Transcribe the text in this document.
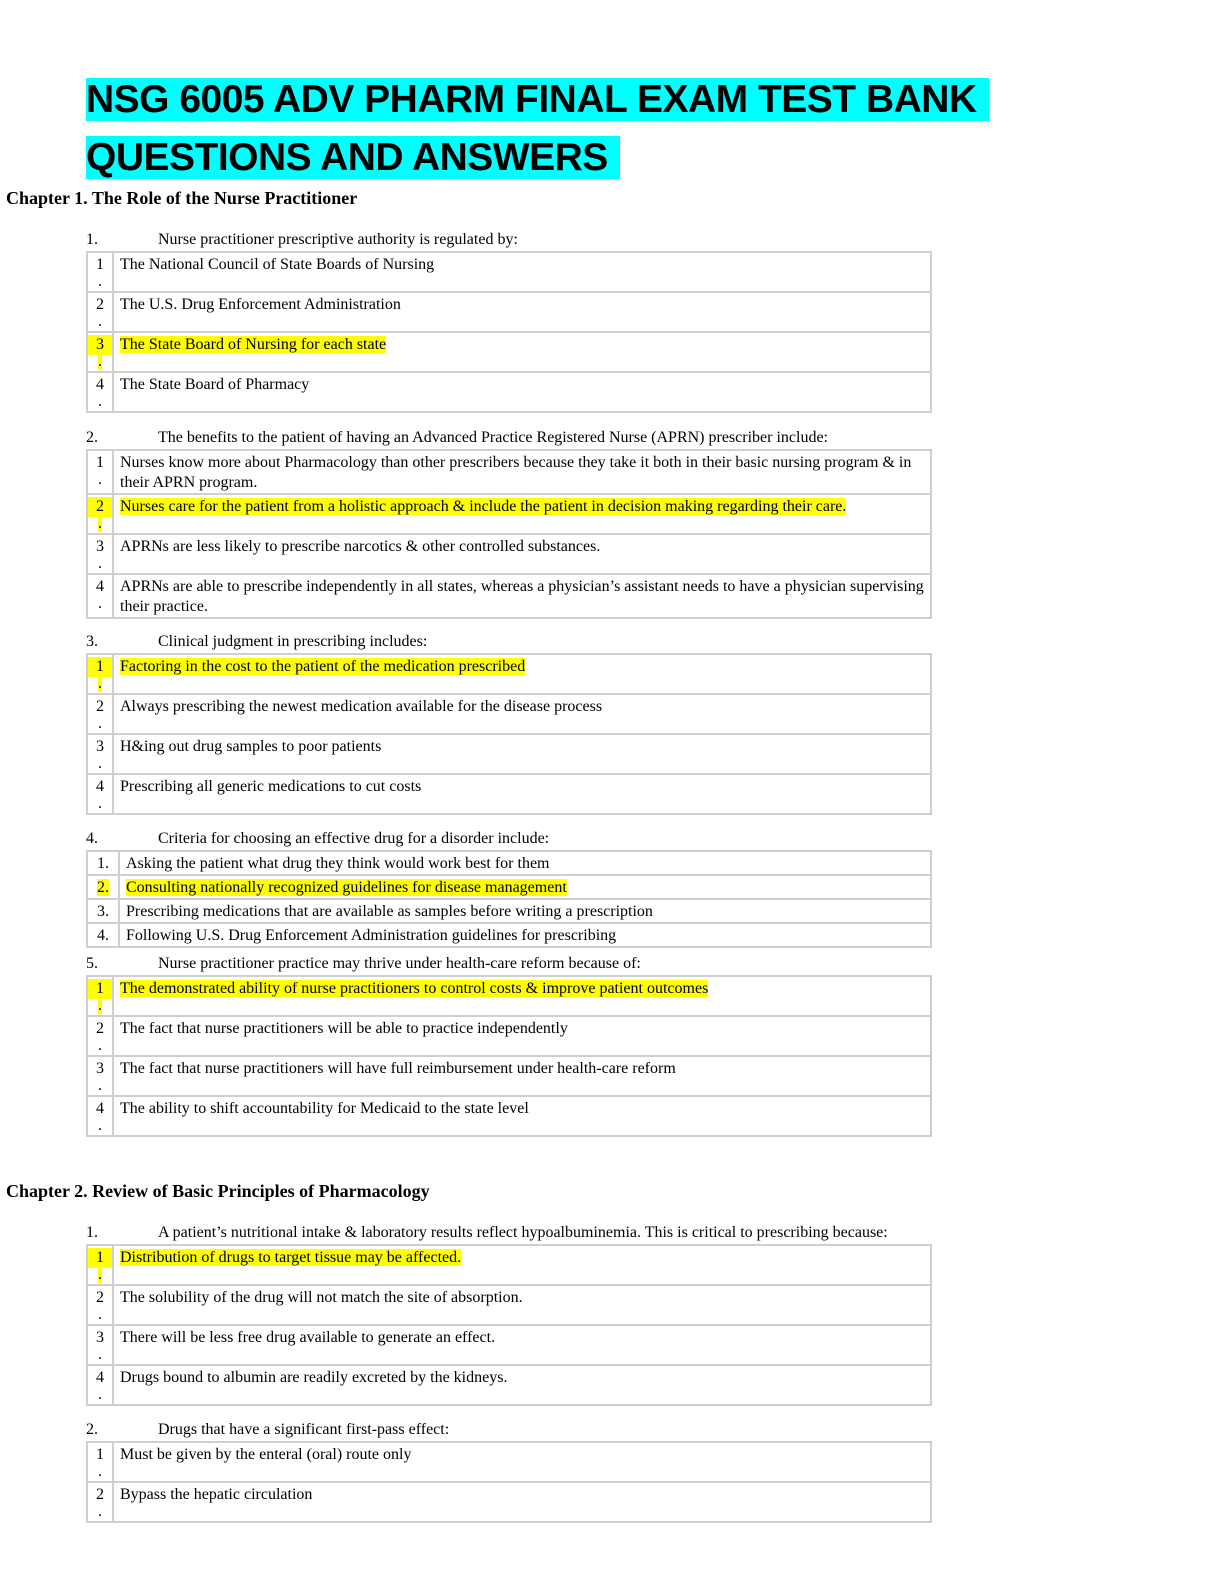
NSG 6005 ADV PHARM FINAL EXAM TEST BANK
QUESTIONS AND ANSWERS
Chapter 1. The Role of the Nurse Practitioner
1.	Nurse practitioner prescriptive authority is regulated by:
1
.	The National Council of State Boards of Nursing

2
.	The U.S. Drug Enforcement Administration

3
.	The State Board of Nursing for each state

4
.	The State Board of Pharmacy
2.	The benefits to the patient of having an Advanced Practice Registered Nurse (APRN) prescriber include:
1
.	Nurses know more about Pharmacology than other prescribers because they take it both in their basic nursing program & in their APRN program.

2
.	Nurses care for the patient from a holistic approach & include the patient in decision making regarding their care.

3
.	APRNs are less likely to prescribe narcotics & other controlled substances.

4
.	APRNs are able to prescribe independently in all states, whereas a physician’s assistant needs to have a physician supervising their practice.
3.	Clinical judgment in prescribing includes:
1
.	Factoring in the cost to the patient of the medication prescribed

2
.	Always prescribing the newest medication available for the disease process

3
.	H&ing out drug samples to poor patients

4
.	Prescribing all generic medications to cut costs
4.	Criteria for choosing an effective drug for a disorder include:
1.	Asking the patient what drug they think would work best for them
2.	Consulting nationally recognized guidelines for disease management
3.	Prescribing medications that are available as samples before writing a prescription
4.	Following U.S. Drug Enforcement Administration guidelines for prescribing
5.	Nurse practitioner practice may thrive under health-care reform because of:
1
.	The demonstrated ability of nurse practitioners to control costs & improve patient outcomes

2
.	The fact that nurse practitioners will be able to practice independently

3
.	The fact that nurse practitioners will have full reimbursement under health-care reform

4
.	The ability to shift accountability for Medicaid to the state level
Chapter 2. Review of Basic Principles of Pharmacology
1.	A patient’s nutritional intake & laboratory results reflect hypoalbuminemia. This is critical to prescribing because:
1
.	Distribution of drugs to target tissue may be affected.

2
.	The solubility of the drug will not match the site of absorption.

3
.	There will be less free drug available to generate an effect.

4
.	Drugs bound to albumin are readily excreted by the kidneys.
2.	Drugs that have a significant first-pass effect:
1
.	Must be given by the enteral (oral) route only

2
.	Bypass the hepatic circulation
